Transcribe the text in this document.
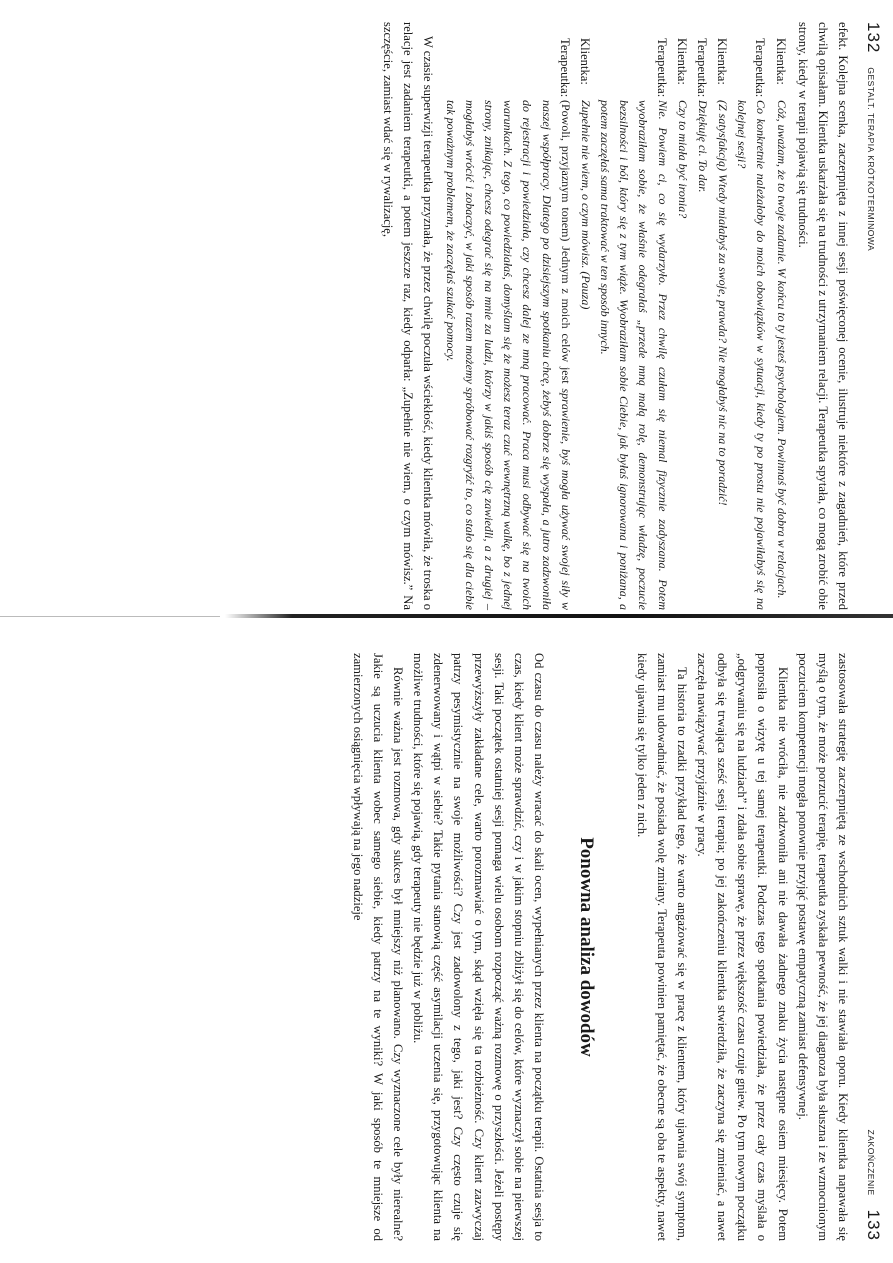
132
GESTALT. TERAPIA KRÓTKOTERMINOWA

efekt. Kolejna scenka, zaczerpnięta z innej sesji poświęconej ocenie, ilustruje niektóre z zagadnień, które przed chwilą opisałam. Klientka uskarżała się na trudności z utrzymaniem relacji. Terapeutka spytała, co mogą zrobić obie strony, kiedy w terapii pojawią się trudności.

Klientka:
Cóż, uważam, że to twoje zadanie. W końcu to ty jesteś psychologiem. Powinnaś być dobra w relacjach.
Terapeutka:
Co konkretnie należałoby do moich obowiązków w sytuacji, kiedy ty po prostu nie pojawiłabyś się na kolejnej sesji?
Klientka:
(Z satysfakcją) Wtedy miałabyś za swoje, prawda? Nie mogłabyś nic na to poradzić!
Terapeutka:
Dziękuję ci. To dar.
Klientka:
Czy to miała być ironia?
Terapeutka:
Nie. Powiem ci, co się wydarzyło. Przez chwilę czułam się niemal fizycznie zadyszana. Potem wyobraziłam sobie, że właśnie odegrałaś „przede mną małą rolę, demonstrując władzę, poczucie bezsilności i ból, który się z tym wiąże. Wyobraziłam sobie Ciebie, jak byłaś ignorowana i poniżana, a potem zaczęłaś sama traktować w ten sposób innych.
Klientka:
Zupełnie nie wiem, o czym mówisz. (Pauza)
Terapeutka:
(Powoli, przyjaznym tonem) Jednym z moich celów jest sprawienie, byś mogła używać swojej siły w naszej współpracy. Dlatego po dzisiejszym spotkaniu chcę, żebyś dobrze się wyspała, a jutro zadzwoniła do rejestracji i powiedziała, czy chcesz dalej ze mną pracować. Praca musi odbywać się na twoich warunkach. Z tego, co powiedziałaś, domyślam się że możesz teraz czuć wewnętrzną walkę, bo z jednej strony, znikając, chcesz odegrać się na mnie za ludzi, którzy w jakiś sposób cię zawiedli, a z drugiej – mogłabyś wrócić i zobaczyć, w jaki sposób razem możemy spróbować rozgryźć to, co stało się dla ciebie tak poważnym problemem, że zaczęłaś szukać pomocy.

W czasie superwizji terapeutka przyznała, że przez chwilę poczuła wściekłość, kiedy klientka mówiła, że troska o relacje jest zadaniem terapeutki, a potem jeszcze raz, kiedy odparła: „Zupełnie nie wiem, o czym mówisz.” Na szczęście, zamiast wdać się w rywalizację,

ZAKOŃCZENIE
133

zastosowała strategię zaczerpniętą ze wschodnich sztuk walki i nie stawiała oporu. Kiedy klientka napawała się myślą o tym, że może porzucić terapię, terapeutka zyskała pewność, że jej diagnoza była słuszna i ze wzmocnionym poczuciem kompetencji mogła ponownie przyjąć postawę empatyczną zamiast defensywnej.

Klientka nie wróciła, nie zadzwoniła ani nie dawała żadnego znaku życia następne osiem miesięcy. Potem poprosiła o wizytę u tej samej terapeutki. Podczas tego spotkania powiedziała, że przez cały czas myślała o „odgrywaniu się na ludziach” i zdała sobie sprawę, że przez większość czasu czuje gniew. Po tym nowym początku odbyła się trwająca sześć sesji terapia; po jej zakończeniu klientka stwierdziła, że zaczyna się zmieniać, a nawet zaczęła nawiązywać przyjaźnie w pracy.

Ta historia to rzadki przykład tego, że warto angażować się w pracę z klientem, który ujawnia swój symptom, zamiast mu udowadniać, że posiada wolę zmiany. Terapeuta powinien pamiętać, że obecne są oba te aspekty, nawet kiedy ujawnia się tylko jeden z nich.

Ponowna analiza dowodów

Od czasu do czasu należy wracać do skali ocen, wypełnianych przez klienta na początku terapii. Ostatnia sesja to czas, kiedy klient może sprawdzić, czy i w jakim stopniu zbliżył się do celów, które wyznaczył sobie na pierwszej sesji. Taki początek ostatniej sesji pomaga wielu osobom rozpocząć ważną rozmowę o przyszłości. Jeżeli postępy przewyższyły zakładane cele, warto porozmawiać o tym, skąd wzięła się ta rozbieżność. Czy klient zazwyczaj patrzy pesymistycznie na swoje możliwości? Czy jest zadowolony z tego, jaki jest? Czy często czuje się zdenerwowany i wątpi w siebie? Takie pytania stanowią część asymilacji uczenia się, przygotowując klienta na możliwe trudności, które się pojawią, gdy terapeuty nie będzie już w pobliżu.

Równie ważna jest rozmowa, gdy sukces był mniejszy niż planowano. Czy wyznaczone cele były nierealne? Jakie są uczucia klienta wobec samego siebie, kiedy patrzy na te wyniki? W jaki sposób te mniejsze od zamierzonych osiągnięcia wpływają na jego nadzieje
